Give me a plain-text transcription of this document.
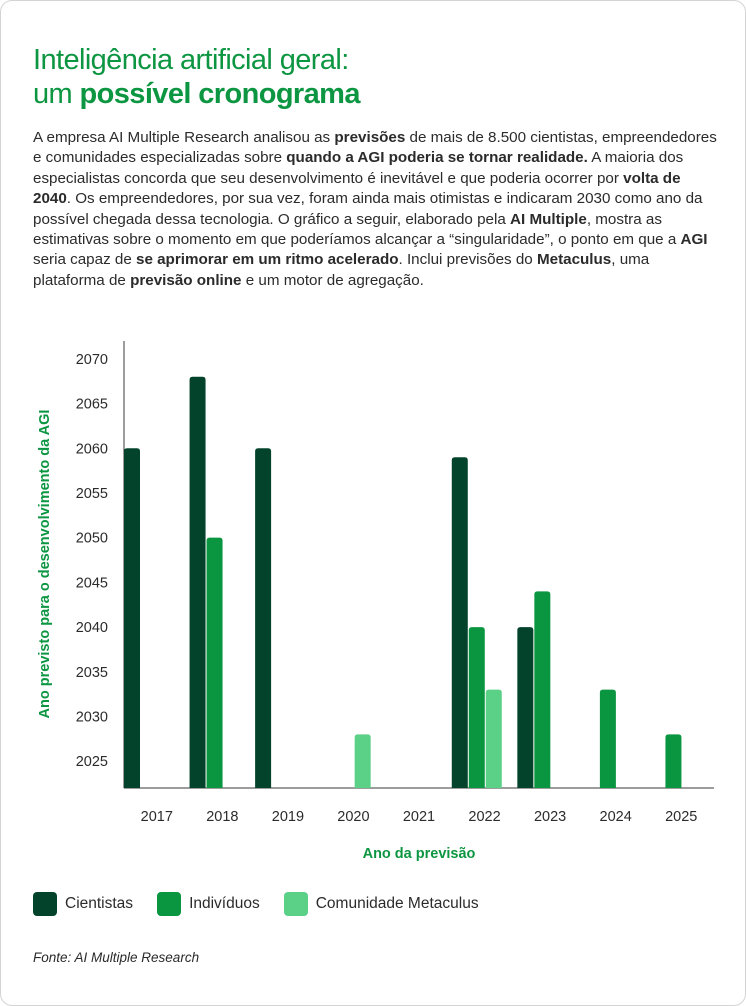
Inteligência artificial geral:
um possível cronograma
A empresa AI Multiple Research analisou as previsões de mais de 8.500 cientistas, empreendedores e comunidades especializadas sobre quando a AGI poderia se tornar realidade. A maioria dos especialistas concorda que seu desenvolvimento é inevitável e que poderia ocorrer por volta de 2040. Os empreendedores, por sua vez, foram ainda mais otimistas e indicaram 2030 como ano da possível chegada dessa tecnologia. O gráfico a seguir, elaborado pela AI Multiple, mostra as estimativas sobre o momento em que poderíamos alcançar a “singularidade”, o ponto em que a AGI seria capaz de se aprimorar em um ritmo acelerado. Inclui previsões do Metaculus, uma plataforma de previsão online e um motor de agregação.
2025
2030
2035
2040
2045
2050
2055
2060
2065
2070
Ano previsto para o desenvolvimento da AGI
2017 2018 2019 2020 2021 2022 2023 2024 2025
Ano da previsão
Cientistas	Indivíduos	Comunidade Metaculus
Fonte: AI Multiple Research
